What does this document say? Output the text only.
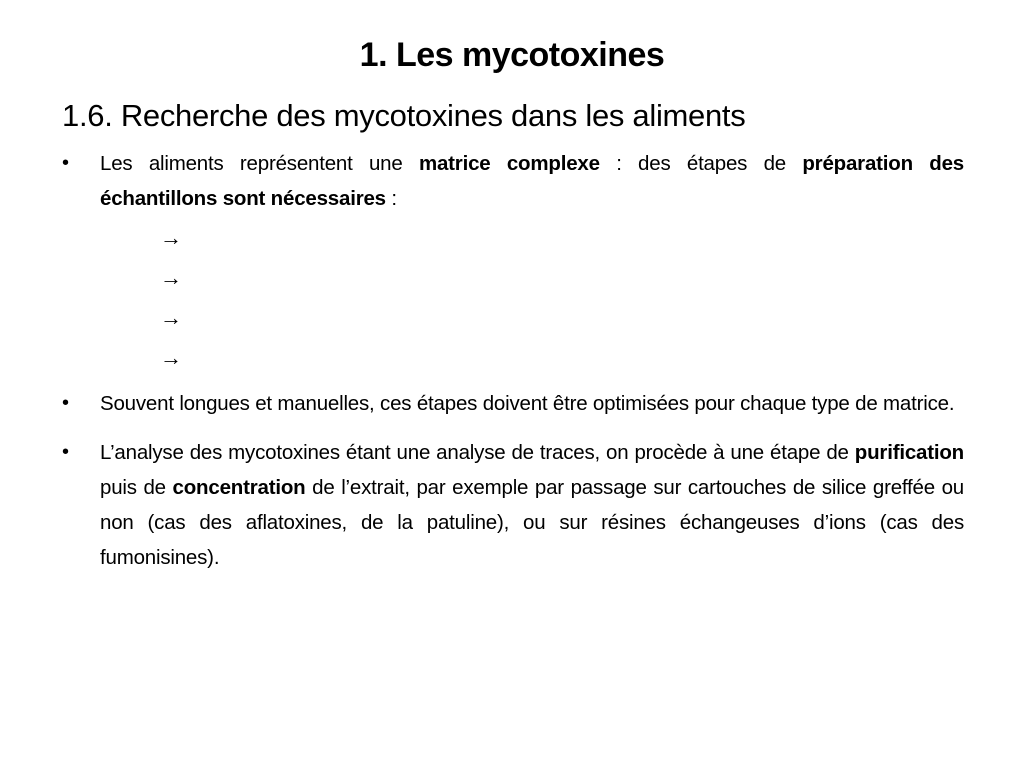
1. Les mycotoxines
1.6. Recherche des mycotoxines dans les aliments
•	Les aliments représentent une matrice complexe : des étapes de préparation des échantillons sont nécessaires :
→
→
→
→
•	Souvent longues et manuelles, ces étapes doivent être optimisées pour chaque type de matrice.
•	L’analyse des mycotoxines étant une analyse de traces, on procède à une étape de purification puis de concentration de l’extrait, par exemple par passage sur cartouches de silice greffée ou non (cas des aflatoxines, de la patuline), ou sur résines échangeuses d’ions (cas des fumonisines).
